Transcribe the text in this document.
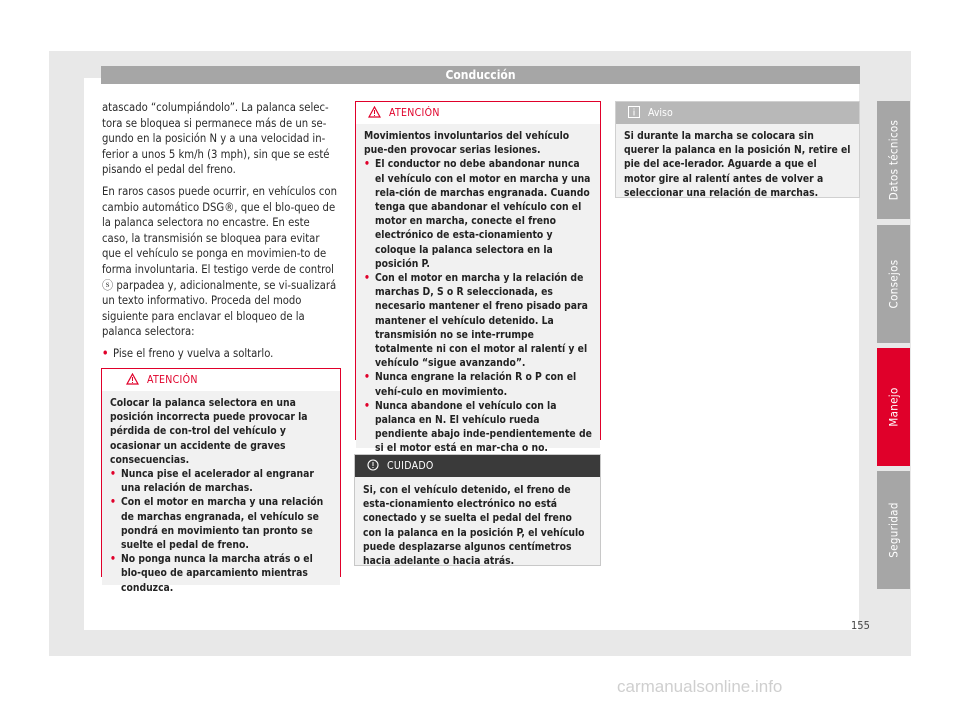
Conducción

atascado “columpiándolo”. La palanca selec-tora se bloquea si permanece más de un se-gundo en la posición N y a una velocidad in-ferior a unos 5 km/h (3 mph), sin que se esté pisando el pedal del freno.

En raros casos puede ocurrir, en vehículos con cambio automático DSG®, que el blo-queo de la palanca selectora no encastre. En este caso, la transmisión se bloquea para evitar que el vehículo se ponga en movimien-to de forma involuntaria. El testigo verde de control ⓢ parpadea y, adicionalmente, se vi-sualizará un texto informativo. Proceda del modo siguiente para enclavar el bloqueo de la palanca selectora:

• Pise el freno y vuelva a soltarlo.

ATENCIÓN

Colocar la palanca selectora en una posición incorrecta puede provocar la pérdida de con-trol del vehículo y ocasionar un accidente de graves consecuencias.

• Nunca pise el acelerador al engranar una relación de marchas.

• Con el motor en marcha y una relación de marchas engranada, el vehículo se pondrá en movimiento tan pronto se suelte el pedal de freno.

• No ponga nunca la marcha atrás o el blo-queo de aparcamiento mientras conduzca.

ATENCIÓN

Movimientos involuntarios del vehículo pue-den provocar serias lesiones.

• El conductor no debe abandonar nunca el vehículo con el motor en marcha y una rela-ción de marchas engranada. Cuando tenga que abandonar el vehículo con el motor en marcha, conecte el freno electrónico de esta-cionamiento y coloque la palanca selectora en la posición P.

• Con el motor en marcha y la relación de marchas D, S o R seleccionada, es necesario mantener el freno pisado para mantener el vehículo detenido. La transmisión no se inte-rrumpe totalmente ni con el motor al ralentí y el vehículo “sigue avanzando”.

• Nunca engrane la relación R o P con el vehí-culo en movimiento.

• Nunca abandone el vehículo con la palanca en N. El vehículo rueda pendiente abajo inde-pendientemente de si el motor está en mar-cha o no.

CUIDADO
Si, con el vehículo detenido, el freno de esta-cionamiento electrónico no está conectado y se suelta el pedal del freno con la palanca en la posición P, el vehículo puede desplazarse algunos centímetros hacia adelante o hacia atrás.
Aviso
Si durante la marcha se colocara sin querer la palanca en la posición N, retire el pie del ace-lerador. Aguarde a que el motor gire al ralentí antes de volver a seleccionar una relación de marchas.	Datos técnicos
Consejos
Manejo
Seguridad
155
carmanualsonline.info
